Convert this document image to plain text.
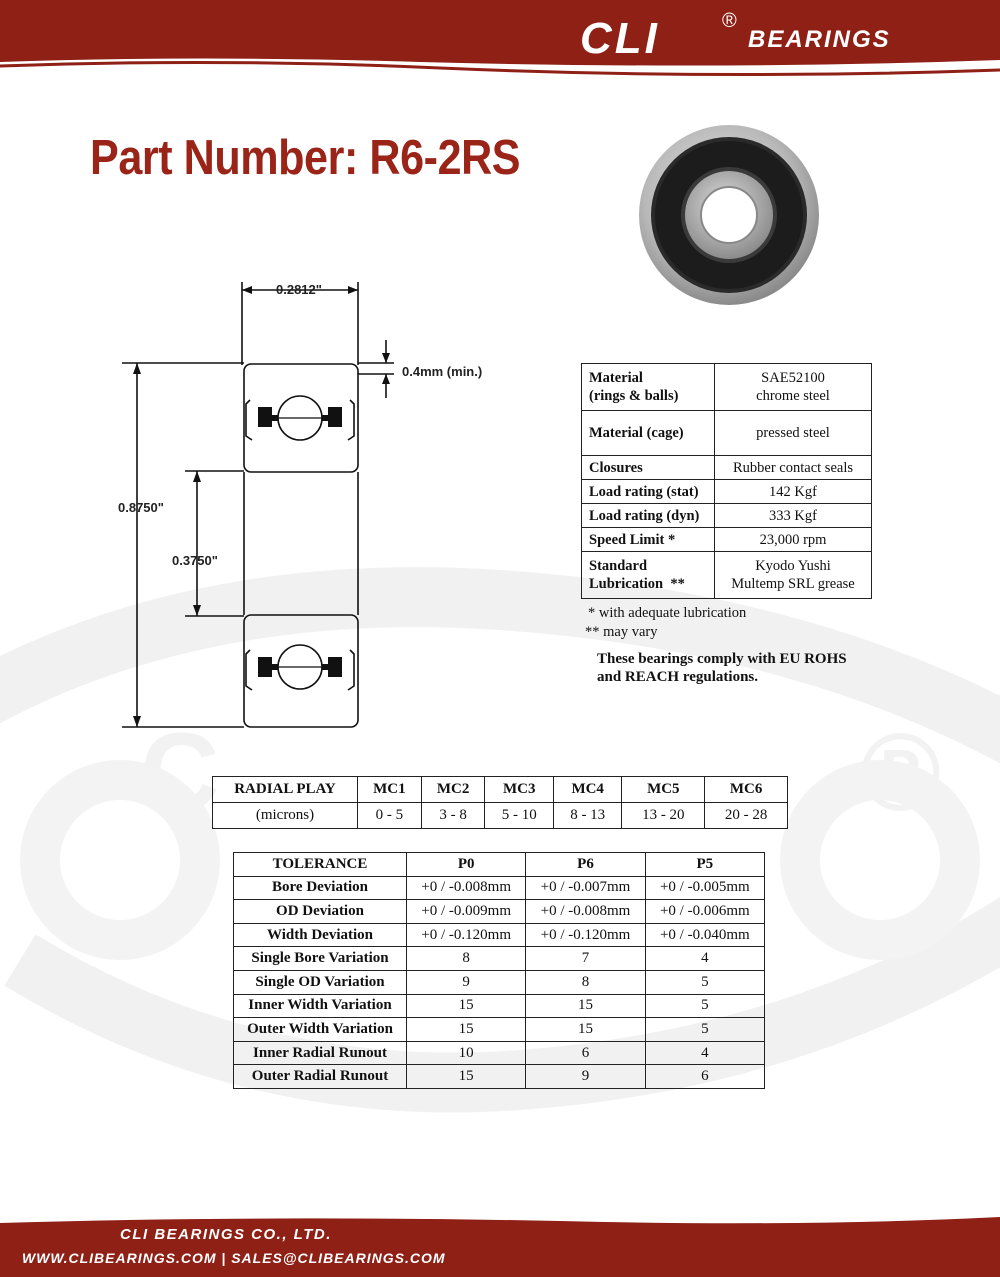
C	®
CLI	®
BEARINGS
Part Number: R6-2RS
0.2812"
0.4mm (min.)
0.8750"
0.3750"
Material
(rings & balls)	SAE52100
chrome steel
Material (cage)	pressed steel
Closures	Rubber contact seals
Load rating (stat)	142 Kgf
Load rating (dyn)	333 Kgf
Speed Limit *	23,000 rpm
Standard
Lubrication  **	Kyodo Yushi
Multemp SRL grease
* with adequate lubrication
** may vary
These bearings comply with EU ROHS
and REACH regulations.
RADIAL PLAY	MC1	MC2	MC3	MC4	MC5	MC6
(microns)	0 - 5	3 - 8	5 - 10	8 - 13	13 - 20	20 - 28
TOLERANCE	P0	P6	P5
Bore Deviation	+0 / -0.008mm	+0 / -0.007mm	+0 / -0.005mm
OD Deviation	+0 / -0.009mm	+0 / -0.008mm	+0 / -0.006mm
Width Deviation	+0 / -0.120mm	+0 / -0.120mm	+0 / -0.040mm
Single Bore Variation	8	7	4
Single OD Variation	9	8	5
Inner Width Variation	15	15	5
Outer Width Variation	15	15	5
Inner Radial Runout	10	6	4
Outer Radial Runout	15	9	6
CLI BEARINGS CO., LTD.
WWW.CLIBEARINGS.COM | SALES@CLIBEARINGS.COM
